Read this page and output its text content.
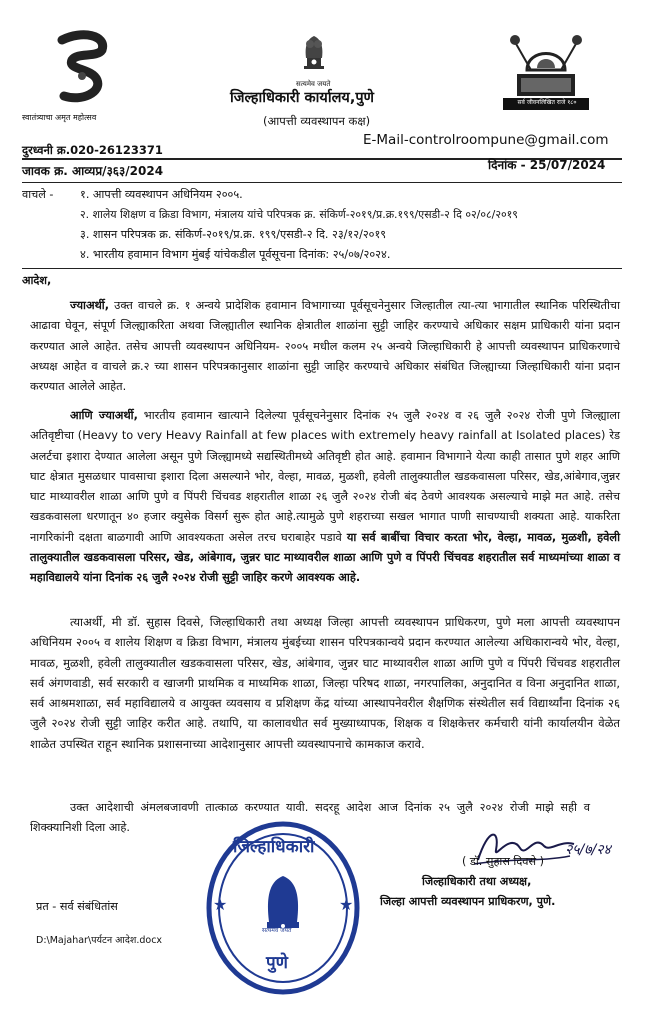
स्वातंत्र्याचा अमृत महोत्सव
सत्यमेव जयते
जिल्हाधिकारी कार्यालय,पुणे
(आपत्ती व्यवस्थापन कक्ष)
सर्व जीवनलिखित राजे १८०
दुरध्वनी क्र.020-26123371
E-Mail-controlroompune@gmail.com
जावक क्र. आव्यप्र/३६३/2024	दिनांक - 25/07/2024
वाचले - १. आपत्ती व्यवस्थापन अधिनियम २००५.
२. शालेय शिक्षण व क्रिडा विभाग, मंत्रालय यांचे परिपत्रक क्र. संकिर्ण-२०१९/प्र.क्र.१९९/एसडी-२ दि ०२/०८/२०१९
३. शासन परिपत्रक क्र. संकिर्ण-२०१९/प्र.क्र. १९९/एसडी-२ दि. २३/१२/२०१९
४. भारतीय हवामान विभाग मुंबई यांचेकडील पूर्वसूचना दिनांक: २५/०७/२०२४.
आदेश,
ज्याअर्थी, उक्त वाचले क्र. १ अन्वये प्रादेशिक हवामान विभागाच्या पूर्वसूचनेनुसार जिल्हातील त्या-त्या भागातील स्थानिक परिस्थितीचा आढावा घेवून, संपूर्ण जिल्ह्याकरिता अथवा जिल्ह्यातील स्थानिक क्षेत्रातील शाळांना सुट्टी जाहिर करण्याचे अधिकार सक्षम प्राधिकारी यांना प्रदान करण्यात आले आहेत. तसेच आपत्ती व्यवस्थापन अधिनियम- २००५ मधील कलम २५ अन्वये जिल्हाधिकारी हे आपत्ती व्यवस्थापन प्राधिकरणाचे अध्यक्ष आहेत व वाचले क्र.२ च्या शासन परिपत्रकानुसार शाळांना सुट्टी जाहिर करण्याचे अधिकार संबंधित जिल्ह्याच्या जिल्हाधिकारी यांना प्रदान करण्यात आलेले आहेत.
आणि ज्याअर्थी, भारतीय हवामान खात्याने दिलेल्या पूर्वसूचनेनुसार दिनांक २५ जुलै २०२४ व २६ जुलै २०२४ रोजी पुणे जिल्ह्याला अतिवृष्टीचा (Heavy to very Heavy Rainfall at few places with extremely heavy rainfall at Isolated places) रेड अलर्टचा इशारा देण्यात आलेला असून पुणे जिल्ह्यामध्ये सद्यस्थितीमध्ये अतिवृष्टी होत आहे. हवामान विभागाने येत्या काही तासात पुणे शहर आणि घाट क्षेत्रात मुसळधार पावसाचा इशारा दिला असल्याने भोर, वेल्हा, मावळ, मुळशी, हवेली तालुक्यातील खडकवासला परिसर, खेड,आंबेगाव,जुन्नर घाट माथ्यावरील शाळा आणि पुणे व पिंपरी चिंचवड शहरातील शाळा २६ जुलै २०२४ रोजी बंद ठेवणे आवश्यक असल्याचे माझे मत आहे. तसेच खडकवासला धरणातून ४० हजार क्युसेक विसर्ग सुरू होत आहे.त्यामुळे पुणे शहराच्या सखल भागात पाणी साचण्याची शक्यता आहे. याकरिता नागरिकांनी दक्षता बाळगावी आणि आवश्यकता असेल तरच घराबाहेर पडावे या सर्व बाबींचा विचार करता भोर, वेल्हा, मावळ, मुळशी, हवेली तालुक्यातील खडकवासला परिसर, खेड, आंबेगाव, जुन्नर घाट माथ्यावरील शाळा आणि पुणे व पिंपरी चिंचवड शहरातील सर्व माध्यमांच्या शाळा व महाविद्यालये यांना दिनांक २६ जुलै २०२४ रोजी सुट्टी जाहिर करणे आवश्यक आहे.
त्याअर्थी, मी डॉ. सुहास दिवसे, जिल्हाधिकारी तथा अध्यक्ष जिल्हा आपत्ती व्यवस्थापन प्राधिकरण, पुणे मला आपत्ती व्यवस्थापन अधिनियम २००५ व शालेय शिक्षण व क्रिडा विभाग, मंत्रालय मुंबईच्या शासन परिपत्रकान्वये प्रदान करण्यात आलेल्या अधिकारान्वये भोर, वेल्हा, मावळ, मुळशी, हवेली तालुक्यातील खडकवासला परिसर, खेड, आंबेगाव, जुन्नर घाट माथ्यावरील शाळा आणि पुणे व पिंपरी चिंचवड शहरातील सर्व अंगणवाडी, सर्व सरकारी व खाजगी प्राथमिक व माध्यमिक शाळा, जिल्हा परिषद शाळा, नगरपालिका, अनुदानित व विना अनुदानित शाळा, सर्व आश्रमशाळा, सर्व महाविद्यालये व आयुक्त व्यवसाय व प्रशिक्षण केंद्र यांच्या आस्थापनेवरील शैक्षणिक संस्थेतील सर्व विद्यार्थ्यांना दिनांक २६ जुलै २०२४ रोजी सुट्टी जाहिर करीत आहे. तथापि, या कालावधीत सर्व मुख्याध्यापक, शिक्षक व शिक्षकेत्तर कर्मचारी यांनी कार्यालयीन वेळेत शाळेत उपस्थित राहून स्थानिक प्रशासनाच्या आदेशानुसार आपत्ती व्यवस्थापनाचे कामकाज करावे.
उक्त आदेशाची अंमलबजावणी तात्काळ करण्यात यावी. सदरहू आदेश आज दिनांक २५ जुलै २०२४ रोजी माझे सही व शिक्क्यानिशी दिला आहे.
२५/७/२४
( डॉ. सुहास दिवसे )
जिल्हाधिकारी तथा अध्यक्ष,
जिल्हा आपत्ती व्यवस्थापन प्राधिकरण, पुणे.
★	★
जिल्हाधिकारी
सत्यमेव जयते
पुणे
प्रत - सर्व संबंधितांस
D:\Majahar\पर्यटन आदेश.docx
